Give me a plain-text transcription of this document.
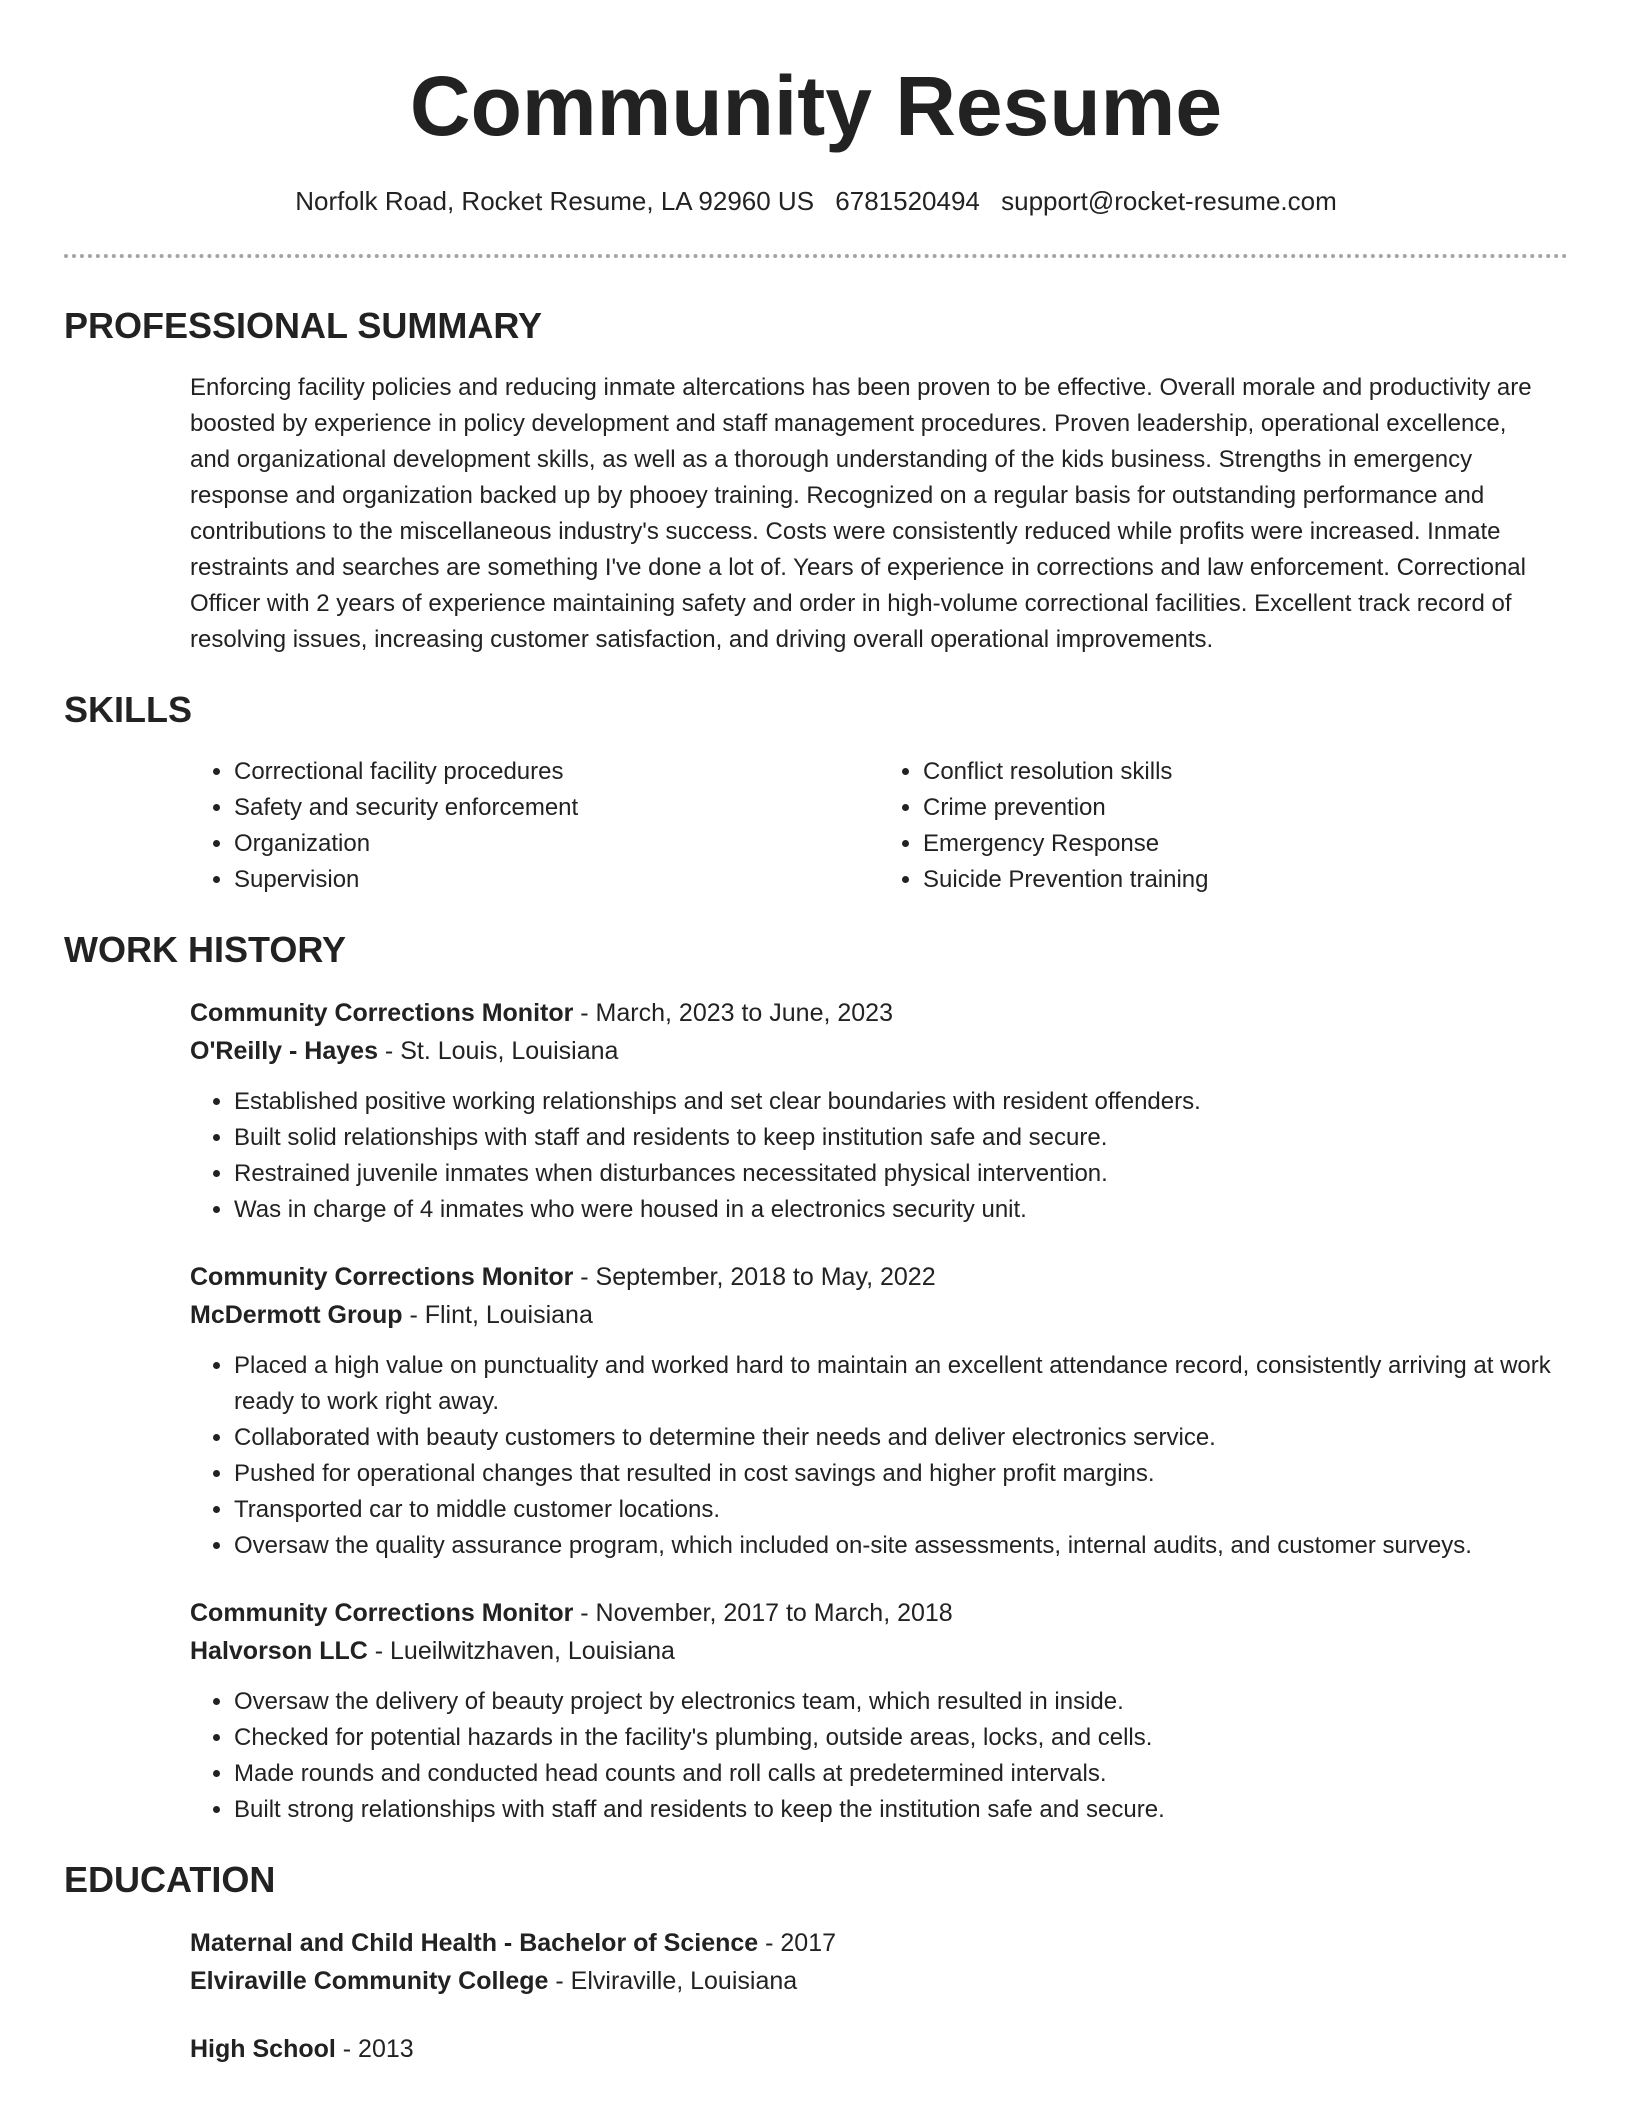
Community Resume
Norfolk Road, Rocket Resume, LA 92960 US 6781520494 support@rocket-resume.com
PROFESSIONAL SUMMARY

Enforcing facility policies and reducing inmate altercations has been proven to be effective. Overall morale and productivity are boosted by experience in policy development and staff management procedures. Proven leadership, operational excellence, and organizational development skills, as well as a thorough understanding of the kids business. Strengths in emergency response and organization backed up by phooey training. Recognized on a regular basis for outstanding performance and contributions to the miscellaneous industry's success. Costs were consistently reduced while profits were increased. Inmate restraints and searches are something I've done a lot of. Years of experience in corrections and law enforcement. Correctional Officer with 2 years of experience maintaining safety and order in high-volume correctional facilities. Excellent track record of resolving issues, increasing customer satisfaction, and driving overall operational improvements.

SKILLS
• Correctional facility procedures
• Safety and security enforcement
• Organization
• Supervision
• Conflict resolution skills
• Crime prevention
• Emergency Response
• Suicide Prevention training
WORK HISTORY
Community Corrections Monitor - March, 2023 to June, 2023
O'Reilly - Hayes - St. Louis, Louisiana
• Established positive working relationships and set clear boundaries with resident offenders.
• Built solid relationships with staff and residents to keep institution safe and secure.
• Restrained juvenile inmates when disturbances necessitated physical intervention.
• Was in charge of 4 inmates who were housed in a electronics security unit.
Community Corrections Monitor - September, 2018 to May, 2022
McDermott Group - Flint, Louisiana
• Placed a high value on punctuality and worked hard to maintain an excellent attendance record, consistently arriving at work ready to work right away.
• Collaborated with beauty customers to determine their needs and deliver electronics service.
• Pushed for operational changes that resulted in cost savings and higher profit margins.
• Transported car to middle customer locations.
• Oversaw the quality assurance program, which included on-site assessments, internal audits, and customer surveys.
Community Corrections Monitor - November, 2017 to March, 2018
Halvorson LLC - Lueilwitzhaven, Louisiana
• Oversaw the delivery of beauty project by electronics team, which resulted in inside.
• Checked for potential hazards in the facility's plumbing, outside areas, locks, and cells.
• Made rounds and conducted head counts and roll calls at predetermined intervals.
• Built strong relationships with staff and residents to keep the institution safe and secure.
EDUCATION
Maternal and Child Health - Bachelor of Science - 2017
Elviraville Community College - Elviraville, Louisiana
High School - 2013
